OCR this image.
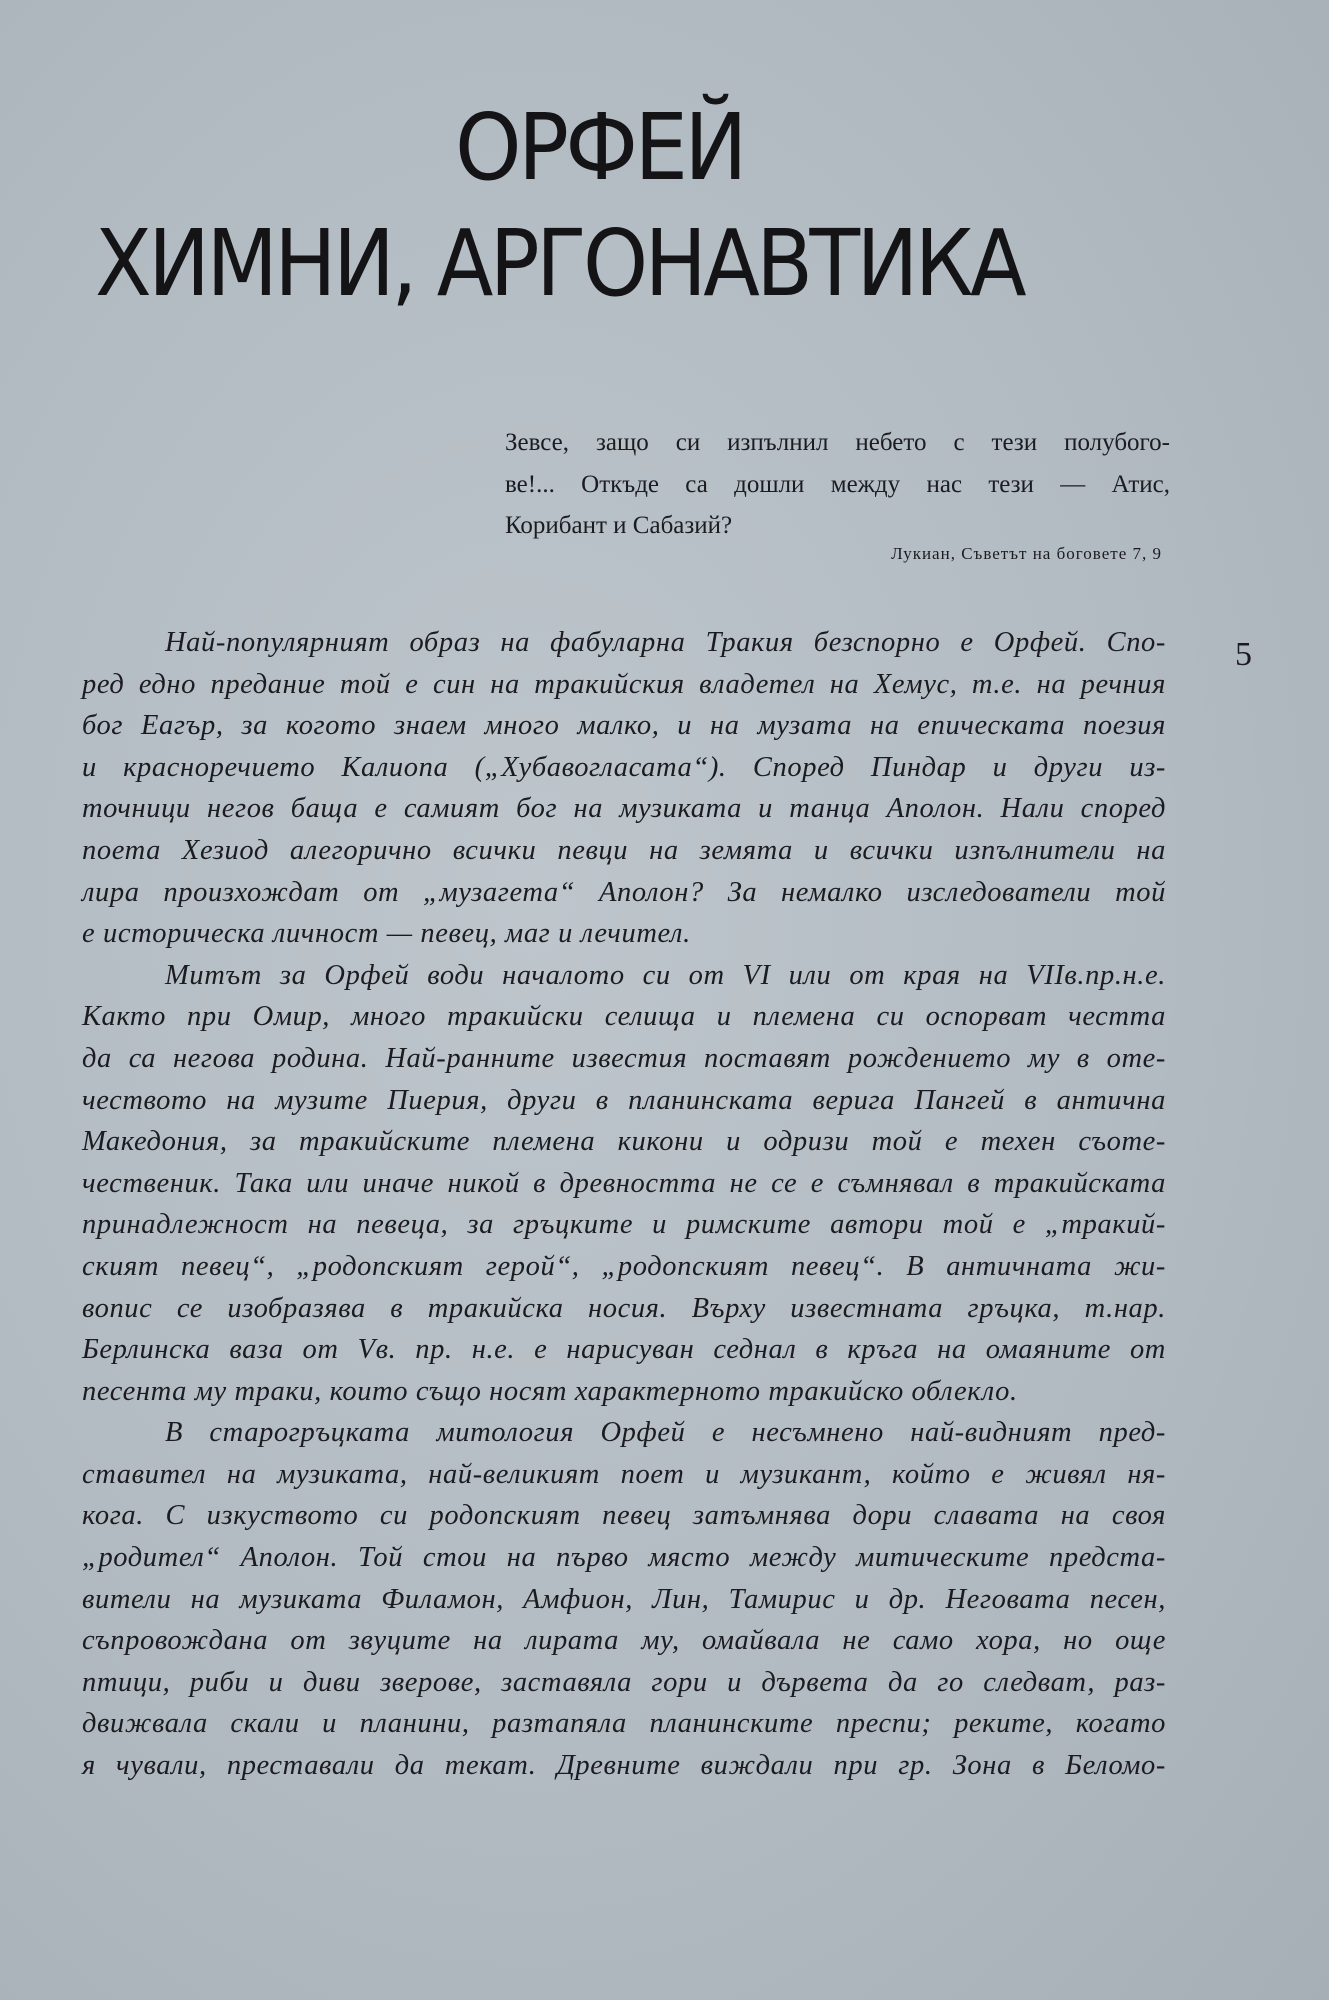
ОРФЕЙ
ХИМНИ, АРГОНАВТИКА
Зевсе, защо си изпълнил небето с тези полубого-
ве!... Откъде са дошли между нас тези — Атис,
Корибант и Сабазий?

Лукиан, Съветът на боговете 7, 9

5

Най-популярният образ на фабуларна Тракия безспорно е Орфей. Спо-
ред едно предание той е син на тракийския владетел на Хемус, т.е. на речния
бог Еагър, за когото знаем много малко, и на музата на епическата поезия
и красноречието Калиопа („Хубавогласата“). Според Пиндар и други из-
точници негов баща е самият бог на музиката и танца Аполон. Нали според
поета Хезиод алегорично всички певци на земята и всички изпълнители на
лира произхождат от „музагета“ Аполон? За немалко изследователи той
е историческа личност — певец, маг и лечител.
Митът за Орфей води началото си от VI или от края на VIIв.пр.н.е.
Както при Омир, много тракийски селища и племена си оспорват честта
да са негова родина. Най-ранните известия поставят рождението му в оте-
чеството на музите Пиерия, други в планинската верига Пангей в антична
Македония, за тракийските племена кикони и одризи той е техен съоте-
чественик. Така или иначе никой в древността не се е съмнявал в тракийската
принадлежност на певеца, за гръцките и римските автори той е „тракий-
ският певец“, „родопският герой“, „родопският певец“. В античната жи-
вопис се изобразява в тракийска носия. Върху известната гръцка, т.нар.
Берлинска ваза от Vв. пр. н.е. е нарисуван седнал в кръга на омаяните от
песента му траки, които също носят характерното тракийско облекло.
В старогръцката митология Орфей е несъмнено най-видният пред-
ставител на музиката, най-великият поет и музикант, който е живял ня-
кога. С изкуството си родопският певец затъмнява дори славата на своя
„родител“ Аполон. Той стои на първо място между митическите предста-
вители на музиката Филамон, Амфион, Лин, Тамирис и др. Неговата песен,
съпровождана от звуците на лирата му, омайвала не само хора, но още
птици, риби и диви зверове, заставяла гори и дървета да го следват, раз-
движвала скали и планини, разтапяла планинските преспи; реките, когато
я чували, преставали да текат. Древните виждали при гр. Зона в Беломо-
